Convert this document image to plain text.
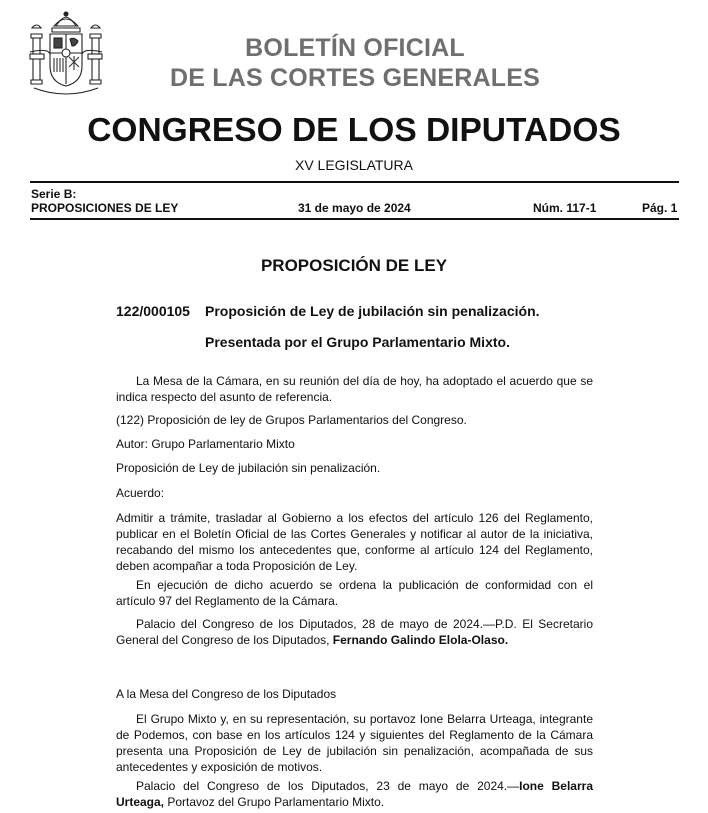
BOLETÍN OFICIAL
DE LAS CORTES GENERALES
CONGRESO DE LOS DIPUTADOS
XV LEGISLATURA
Serie B:
PROPOSICIONES DE LEY	31 de mayo de 2024	Núm. 117-1	Pág. 1
PROPOSICIÓN DE LEY
122/000105 Proposición de Ley de jubilación sin penalización.
Presentada por el Grupo Parlamentario Mixto.

La Mesa de la Cámara, en su reunión del día de hoy, ha adoptado el acuerdo que se indica respecto del asunto de referencia.

(122) Proposición de ley de Grupos Parlamentarios del Congreso.

Autor: Grupo Parlamentario Mixto

Proposición de Ley de jubilación sin penalización.

Acuerdo:

Admitir a trámite, trasladar al Gobierno a los efectos del artículo 126 del Reglamento, publicar en el Boletín Oficial de las Cortes Generales y notificar al autor de la iniciativa, recabando del mismo los antecedentes que, conforme al artículo 124 del Reglamento, deben acompañar a toda Proposición de Ley.

En ejecución de dicho acuerdo se ordena la publicación de conformidad con el artículo 97 del Reglamento de la Cámara.

Palacio del Congreso de los Diputados, 28 de mayo de 2024.—P.D. El Secretario General del Congreso de los Diputados, Fernando Galindo Elola-Olaso.

A la Mesa del Congreso de los Diputados

El Grupo Mixto y, en su representación, su portavoz Ione Belarra Urteaga, integrante de Podemos, con base en los artículos 124 y siguientes del Reglamento de la Cámara presenta una Proposición de Ley de jubilación sin penalización, acompañada de sus antecedentes y exposición de motivos.

Palacio del Congreso de los Diputados, 23 de mayo de 2024.—Ione Belarra Urteaga, Portavoz del Grupo Parlamentario Mixto.
